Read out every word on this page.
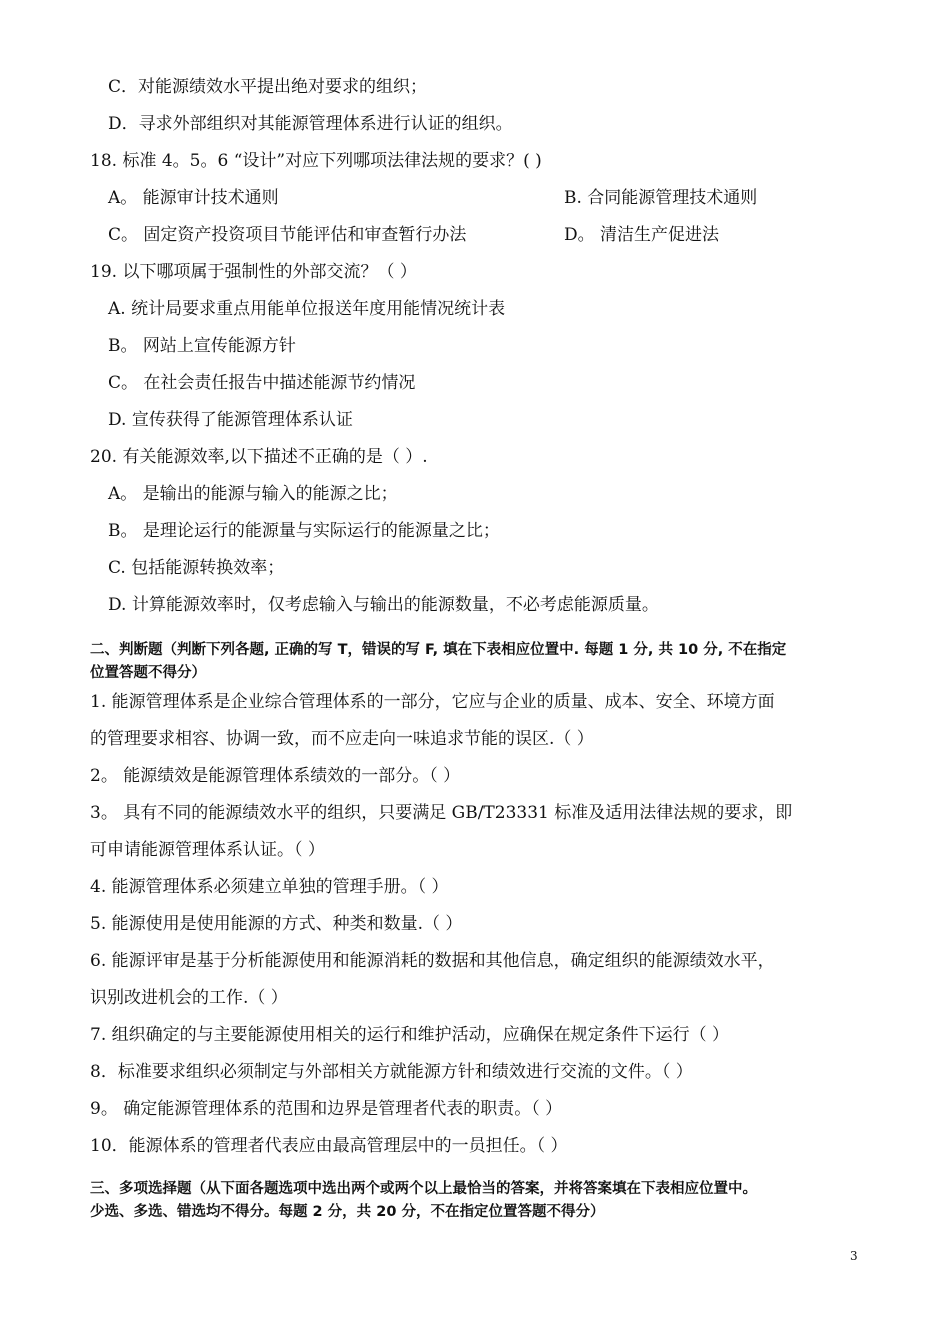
C．对能源绩效水平提出绝对要求的组织；
D．寻求外部组织对其能源管理体系进行认证的组织。
18. 标准 4。5。6 “设计”对应下列哪项法律法规的要求？( )
A。 能源审计技术通则	B. 合同能源管理技术通则
C。 固定资产投资项目节能评估和审查暂行办法	D。 清洁生产促进法
19. 以下哪项属于强制性的外部交流？（ ）
A. 统计局要求重点用能单位报送年度用能情况统计表
B。 网站上宣传能源方针
C。 在社会责任报告中描述能源节约情况
D. 宣传获得了能源管理体系认证
20. 有关能源效率,以下描述不正确的是（ ）.
A。 是输出的能源与输入的能源之比；
B。 是理论运行的能源量与实际运行的能源量之比；
C. 包括能源转换效率；
D. 计算能源效率时，仅考虑输入与输出的能源数量，不必考虑能源质量。
二、判断题（判断下列各题, 正确的写 T，错误的写 F, 填在下表相应位置中. 每题 1 分, 共 10 分, 不在指定
位置答题不得分）
1. 能源管理体系是企业综合管理体系的一部分，它应与企业的质量、成本、安全、环境方面
的管理要求相容、协调一致，而不应走向一味追求节能的误区.（ ）
2。 能源绩效是能源管理体系绩效的一部分。（ ）
3。 具有不同的能源绩效水平的组织，只要满足 GB/T23331 标准及适用法律法规的要求，即
可申请能源管理体系认证。（ ）
4. 能源管理体系必须建立单独的管理手册。（ ）
5. 能源使用是使用能源的方式、种类和数量.（ ）
6. 能源评审是基于分析能源使用和能源消耗的数据和其他信息，确定组织的能源绩效水平，
识别改进机会的工作.（ ）
7. 组织确定的与主要能源使用相关的运行和维护活动，应确保在规定条件下运行（ ）
8．标准要求组织必须制定与外部相关方就能源方针和绩效进行交流的文件。（ ）
9。 确定能源管理体系的范围和边界是管理者代表的职责。（ ）
10．能源体系的管理者代表应由最高管理层中的一员担任。（ ）
三、多项选择题（从下面各题选项中选出两个或两个以上最恰当的答案，并将答案填在下表相应位置中。
少选、多选、错选均不得分。每题 2 分，共 20 分，不在指定位置答题不得分）
3
